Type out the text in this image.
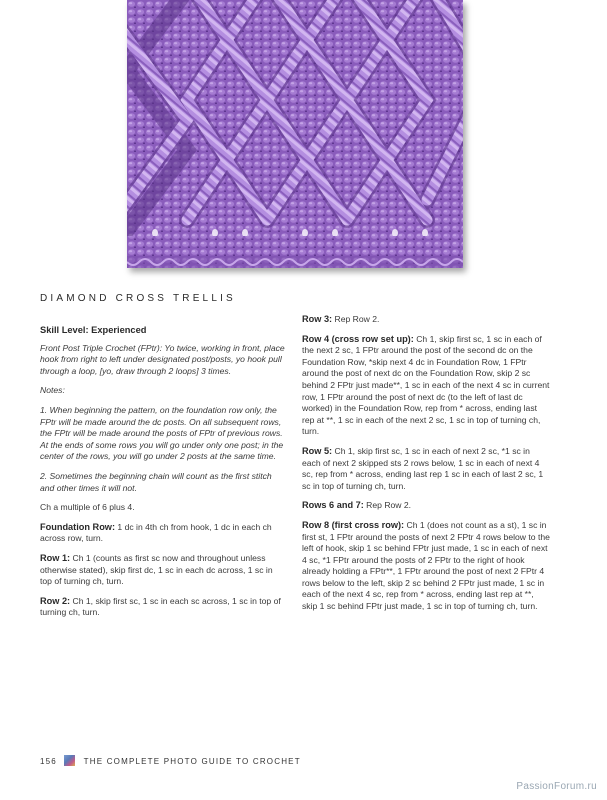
DIAMOND CROSS TRELLIS
Skill Level: Experienced

Front Post Triple Crochet (FPtr): Yo twice, working in front, place hook from right to left under designated post/posts, yo hook pull through a loop, [yo, draw through 2 loops] 3 times.

Notes:

1. When beginning the pattern, on the foundation row only, the FPtr will be made around the dc posts. On all subsequent rows, the FPtr will be made around the posts of FPtr of previous rows. At the ends of some rows you will go under only one post; in the center of the rows, you will go under 2 posts at the same time.

2. Sometimes the beginning chain will count as the first stitch and other times it will not.

Ch a multiple of 6 plus 4.

Foundation Row: 1 dc in 4th ch from hook, 1 dc in each ch across row, turn.

Row 1: Ch 1 (counts as first sc now and throughout unless otherwise stated), skip first dc, 1 sc in each dc across, 1 sc in top of turning ch, turn.

Row 2: Ch 1, skip first sc, 1 sc in each sc across, 1 sc in top of turning ch, turn.

Row 3: Rep Row 2.

Row 4 (cross row set up): Ch 1, skip first sc, 1 sc in each of the next 2 sc, 1 FPtr around the post of the second dc on the Foundation Row, *skip next 4 dc in Foundation Row, 1 FPtr around the post of next dc on the Foundation Row, skip 2 sc behind 2 FPtr just made**, 1 sc in each of the next 4 sc in current row, 1 FPtr around the post of next dc (to the left of last dc worked) in the Foundation Row, rep from * across, ending last rep at **, 1 sc in each of the next 2 sc, 1 sc in top of turning ch, turn.

Row 5: Ch 1, skip first sc, 1 sc in each of next 2 sc, *1 sc in each of next 2 skipped sts 2 rows below, 1 sc in each of next 4 sc, rep from * across, ending last rep 1 sc in each of last 2 sc, 1 sc in top of turning ch, turn.

Rows 6 and 7: Rep Row 2.

Row 8 (first cross row): Ch 1 (does not count as a st), 1 sc in first st, 1 FPtr around the posts of next 2 FPtr 4 rows below to the left of hook, skip 1 sc behind FPtr just made, 1 sc in each of next 4 sc, *1 FPtr around the posts of 2 FPtr to the right of hook already holding a FPtr**, 1 FPtr around the post of next 2 FPtr 4 rows below to the left, skip 2 sc behind 2 FPtr just made, 1 sc in each of the next 4 sc, rep from * across, ending last rep at **, skip 1 sc behind FPtr just made, 1 sc in top of turning ch, turn.

156	THE COMPLETE PHOTO GUIDE TO CROCHET
PassionForum.ru
